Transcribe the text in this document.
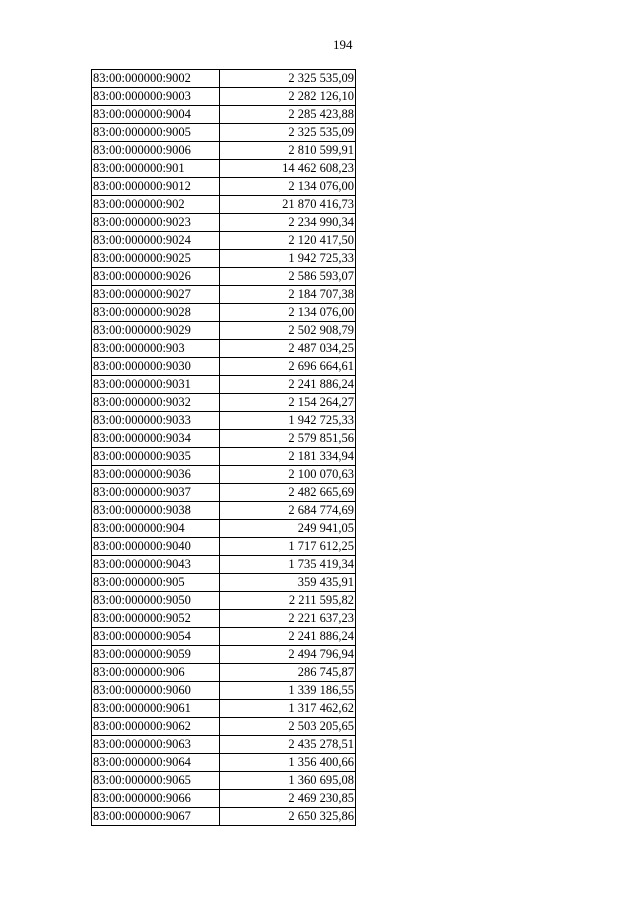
194
83:00:000000:9002	2 325 535,09
83:00:000000:9003	2 282 126,10
83:00:000000:9004	2 285 423,88
83:00:000000:9005	2 325 535,09
83:00:000000:9006	2 810 599,91
83:00:000000:901	14 462 608,23
83:00:000000:9012	2 134 076,00
83:00:000000:902	21 870 416,73
83:00:000000:9023	2 234 990,34
83:00:000000:9024	2 120 417,50
83:00:000000:9025	1 942 725,33
83:00:000000:9026	2 586 593,07
83:00:000000:9027	2 184 707,38
83:00:000000:9028	2 134 076,00
83:00:000000:9029	2 502 908,79
83:00:000000:903	2 487 034,25
83:00:000000:9030	2 696 664,61
83:00:000000:9031	2 241 886,24
83:00:000000:9032	2 154 264,27
83:00:000000:9033	1 942 725,33
83:00:000000:9034	2 579 851,56
83:00:000000:9035	2 181 334,94
83:00:000000:9036	2 100 070,63
83:00:000000:9037	2 482 665,69
83:00:000000:9038	2 684 774,69
83:00:000000:904	249 941,05
83:00:000000:9040	1 717 612,25
83:00:000000:9043	1 735 419,34
83:00:000000:905	359 435,91
83:00:000000:9050	2 211 595,82
83:00:000000:9052	2 221 637,23
83:00:000000:9054	2 241 886,24
83:00:000000:9059	2 494 796,94
83:00:000000:906	286 745,87
83:00:000000:9060	1 339 186,55
83:00:000000:9061	1 317 462,62
83:00:000000:9062	2 503 205,65
83:00:000000:9063	2 435 278,51
83:00:000000:9064	1 356 400,66
83:00:000000:9065	1 360 695,08
83:00:000000:9066	2 469 230,85
83:00:000000:9067	2 650 325,86
